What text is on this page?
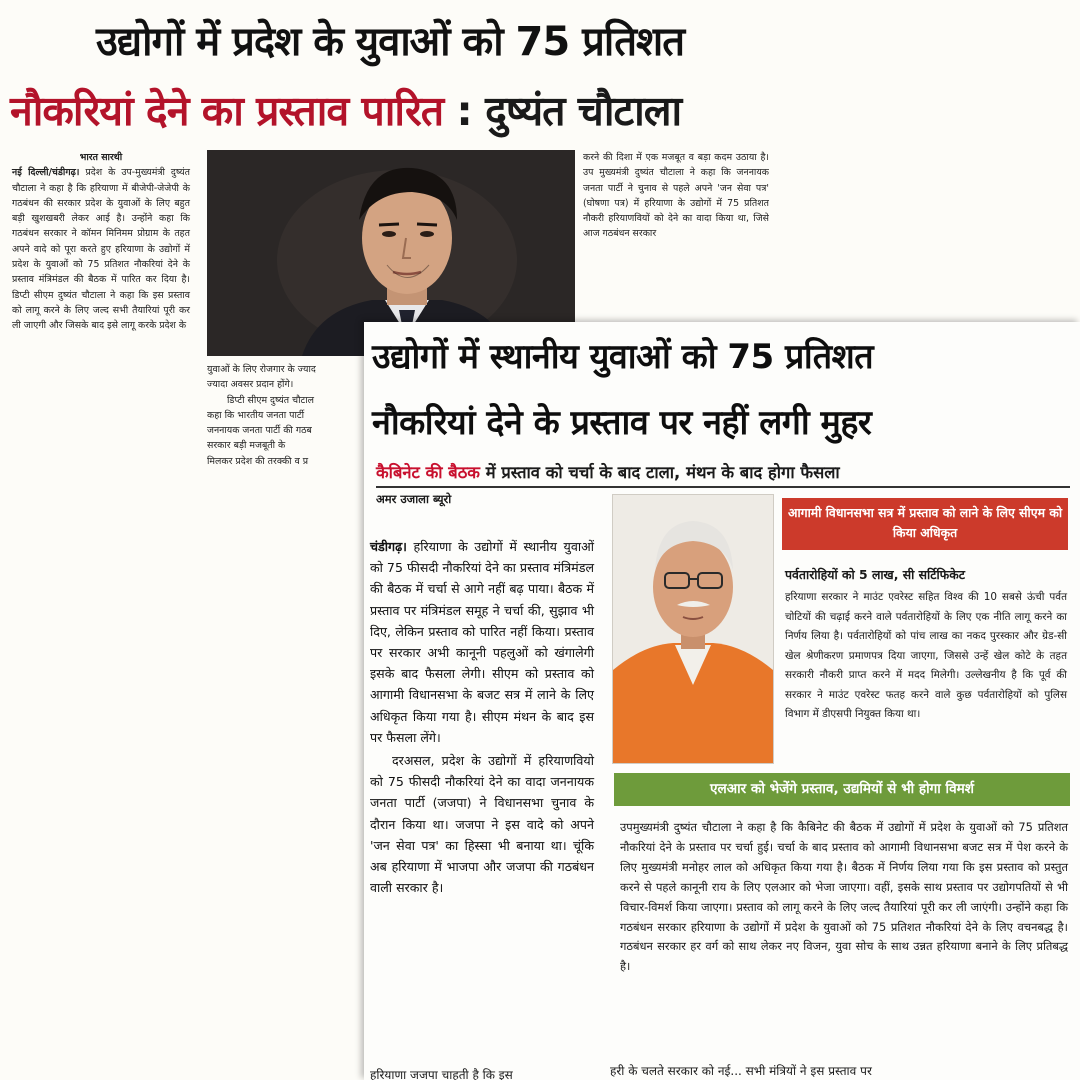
उद्योगों में प्रदेश के युवाओं को 75 प्रतिशत
नौकरियां देने का प्रस्ताव पारित : दुष्यंत चौटाला
भारत सारथी
नई दिल्ली/चंडीगढ़। प्रदेश के उप-मुख्यमंत्री दुष्यंत चौटाला ने कहा है कि हरियाणा में बीजेपी-जेजेपी के गठबंधन की सरकार प्रदेश के युवाओं के लिए बहुत बड़ी खुशखबरी लेकर आई है। उन्होंने कहा कि गठबंधन सरकार ने कॉमन मिनिमम प्रोग्राम के तहत अपने वादे को पूरा करते हुए हरियाणा के उद्योगों में प्रदेश के युवाओं को 75 प्रतिशत नौकरियां देने के प्रस्ताव मंत्रिमंडल की बैठक में पारित कर दिया है। डिप्टी सीएम दुष्यंत चौटाला ने कहा कि इस प्रस्ताव को लागू करने के लिए जल्द सभी तैयारियां पूरी कर ली जाएगी और जिसके बाद इसे लागू करके प्रदेश के
युवाओं के लिए रोजगार के ज्याद
ज्यादा अवसर प्रदान होंगे।
डिप्टी सीएम दुष्यंत चौटाल
कहा कि भारतीय जनता पार्टी
जननायक जनता पार्टी की गठब
सरकार बड़ी मजबूती के
मिलकर प्रदेश की तरक्की व प्र
करने की दिशा में एक मजबूत व बड़ा कदम उठाया है। उप मुख्यमंत्री दुष्यंत चौटाला ने कहा कि जननायक जनता पार्टी ने चुनाव से पहले अपने 'जन सेवा पत्र' (घोषणा पत्र) में हरियाणा के उद्योगों में 75 प्रतिशत नौकरी हरियाणवियों को देने का वादा किया था, जिसे आज गठबंधन सरकार
उद्योगों में स्थानीय युवाओं को 75 प्रतिशत
नौकरियां देने के प्रस्ताव पर नहीं लगी मुहर
कैबिनेट की बैठक में प्रस्ताव को चर्चा के बाद टाला, मंथन के बाद होगा फैसला
अमर उजाला ब्यूरो

चंडीगढ़। हरियाणा के उद्योगों में स्थानीय युवाओं को 75 फीसदी नौकरियां देने का प्रस्ताव मंत्रिमंडल की बैठक में चर्चा से आगे नहीं बढ़ पाया। बैठक में प्रस्ताव पर मंत्रिमंडल समूह ने चर्चा की, सुझाव भी दिए, लेकिन प्रस्ताव को पारित नहीं किया। प्रस्ताव पर सरकार अभी कानूनी पहलुओं को खंगालेगी इसके बाद फैसला लेगी। सीएम को प्रस्ताव को आगामी विधानसभा के बजट सत्र में लाने के लिए अधिकृत किया गया है। सीएम मंथन के बाद इस पर फैसला लेंगे।

दरअसल, प्रदेश के उद्योगों में हरियाणवियो को 75 फीसदी नौकरियां देने का वादा जननायक जनता पार्टी (जजपा) ने विधानसभा चुनाव के दौरान किया था। जजपा ने इस वादे को अपने 'जन सेवा पत्र' का हिस्सा भी बनाया था। चूंकि अब हरियाणा में भाजपा और जजपा की गठबंधन वाली सरकार है।

हरियाणा जजपा चाहती है कि इस
आगामी विधानसभा सत्र में प्रस्ताव को लाने के लिए सीएम को किया अधिकृत
पर्वतारोहियों को 5 लाख, सी सर्टिफिकेट
हरियाणा सरकार ने माउंट एवरेस्ट सहित विश्व की 10 सबसे ऊंची पर्वत चोटियों की चढ़ाई करने वाले पर्वतारोहियों के लिए एक नीति लागू करने का निर्णय लिया है। पर्वतारोहियों को पांच लाख का नकद पुरस्कार और ग्रेड-सी खेल श्रेणीकरण प्रमाणपत्र दिया जाएगा, जिससे उन्हें खेल कोटे के तहत सरकारी नौकरी प्राप्त करने में मदद मिलेगी। उल्लेखनीय है कि पूर्व की सरकार ने माउंट एवरेस्ट फतह करने वाले कुछ पर्वतारोहियों को पुलिस विभाग में डीएसपी नियुक्त किया था।
एलआर को भेजेंगे प्रस्ताव, उद्यमियों से भी होगा विमर्श
उपमुख्यमंत्री दुष्यंत चौटाला ने कहा है कि कैबिनेट की बैठक में उद्योगों में प्रदेश के युवाओं को 75 प्रतिशत नौकरियां देने के प्रस्ताव पर चर्चा हुई। चर्चा के बाद प्रस्ताव को आगामी विधानसभा बजट सत्र में पेश करने के लिए मुख्यमंत्री मनोहर लाल को अधिकृत किया गया है। बैठक में निर्णय लिया गया कि इस प्रस्ताव को प्रस्तुत करने से पहले कानूनी राय के लिए एलआर को भेजा जाएगा। वहीं, इसके साथ प्रस्ताव पर उद्योगपतियों से भी विचार-विमर्श किया जाएगा। प्रस्ताव को लागू करने के लिए जल्द तैयारियां पूरी कर ली जाएंगी। उन्होंने कहा कि गठबंधन सरकार हरियाणा के उद्योगों में प्रदेश के युवाओं को 75 प्रतिशत नौकरियां देने के लिए वचनबद्ध है। गठबंधन सरकार हर वर्ग को साथ लेकर नए विजन, युवा सोच के साथ उन्नत हरियाणा बनाने के लिए प्रतिबद्ध है।
हरी के चलते सरकार को नई... सभी मंत्रियों ने इस प्रस्ताव पर
